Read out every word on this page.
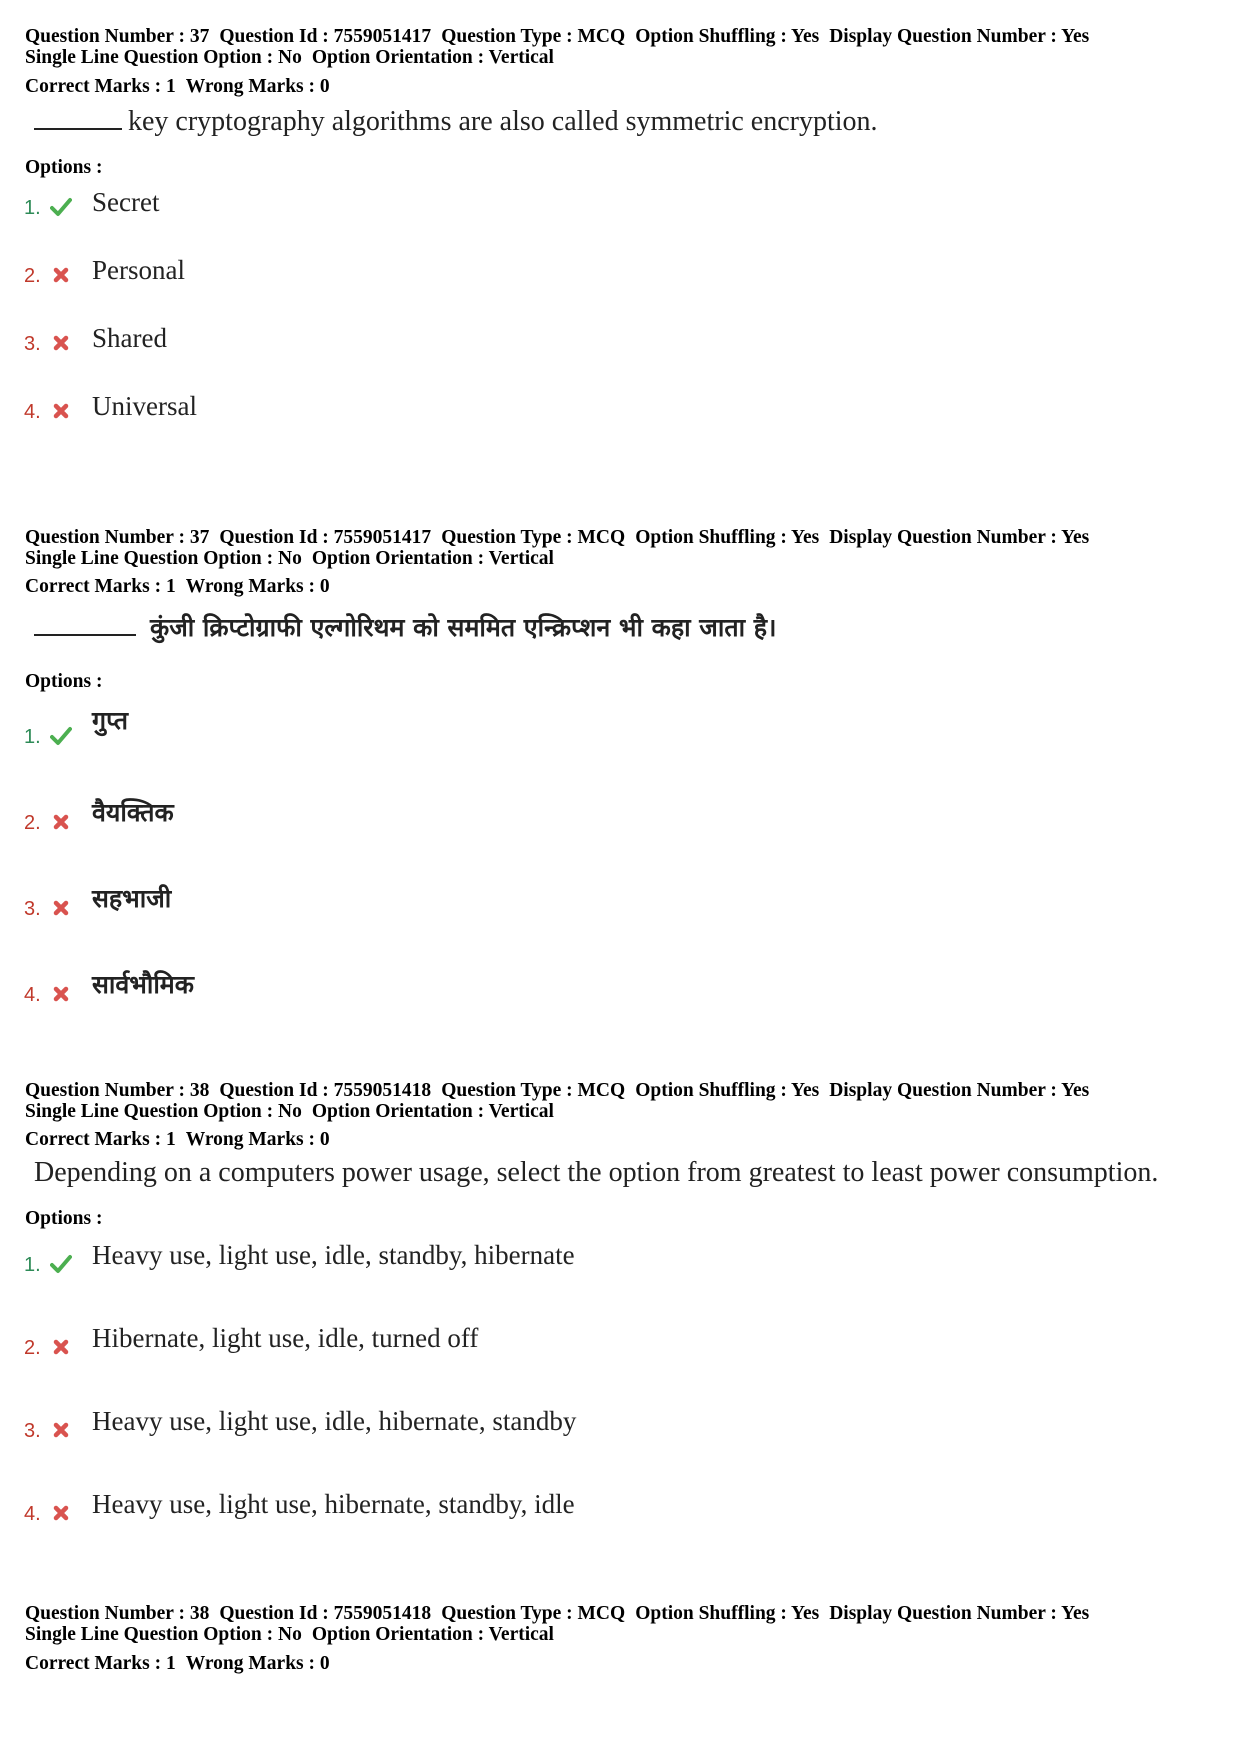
Question Number : 37 Question Id : 7559051417 Question Type : MCQ Option Shuffling : Yes Display Question Number : Yes
Single Line Question Option : No Option Orientation : Vertical
Correct Marks : 1 Wrong Marks : 0
key cryptography algorithms are also called symmetric encryption.
Options :
1. Secret
2. Personal
3. Shared
4. Universal
Question Number : 37 Question Id : 7559051417 Question Type : MCQ Option Shuffling : Yes Display Question Number : Yes
Single Line Question Option : No Option Orientation : Vertical
Correct Marks : 1 Wrong Marks : 0
कुंजी क्रिप्टोग्राफी एल्गोरिथम को सममित एन्क्रिप्शन भी कहा जाता है।
Options :
1.
गुप्त
2. वैयक्तिक
3. सहभाजी
4. सार्वभौमिक
Question Number : 38 Question Id : 7559051418 Question Type : MCQ Option Shuffling : Yes Display Question Number : Yes
Single Line Question Option : No Option Orientation : Vertical
Correct Marks : 1 Wrong Marks : 0
Depending on a computers power usage, select the option from greatest to least power consumption.
Options :
1. Heavy use, light use, idle, standby, hibernate
2. Hibernate, light use, idle, turned off
3. Heavy use, light use, idle, hibernate, standby
4. Heavy use, light use, hibernate, standby, idle
Question Number : 38 Question Id : 7559051418 Question Type : MCQ Option Shuffling : Yes Display Question Number : Yes
Single Line Question Option : No Option Orientation : Vertical
Correct Marks : 1 Wrong Marks : 0
